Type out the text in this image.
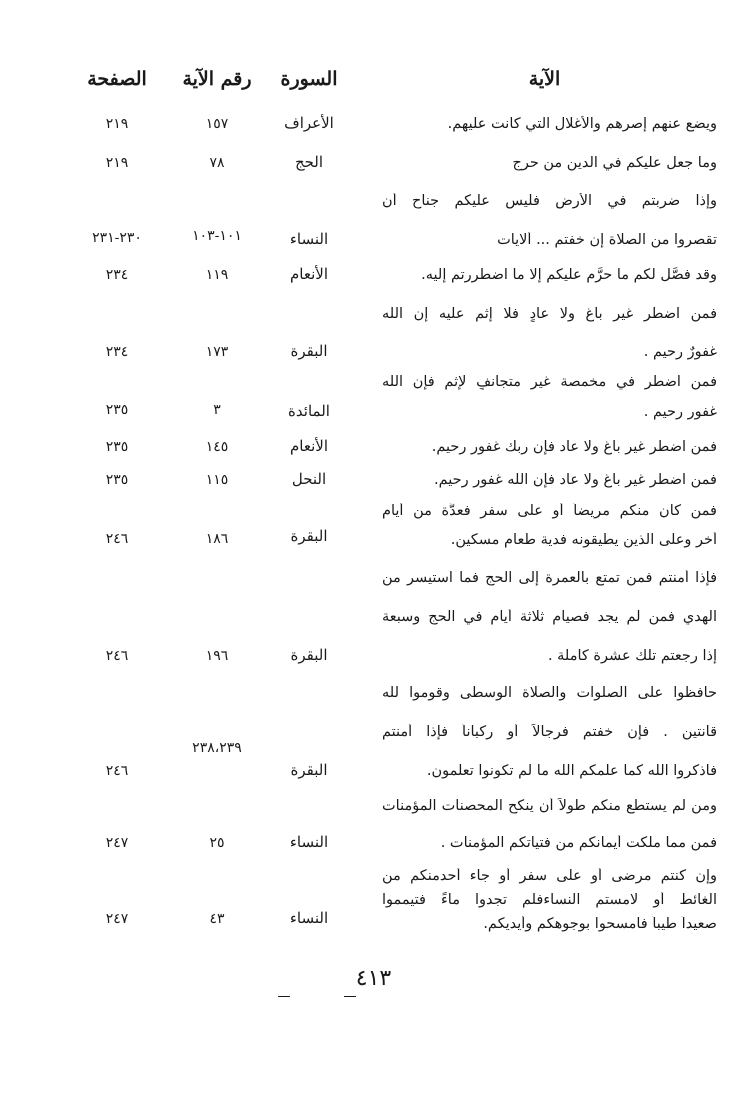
الآية
السورة
رقم الآية
الصفحة
ويضع عنهم إصرهم والأغلال التي كانت عليهم.
الأعراف
١٥٧
٢١٩
وما جعل عليكم في الدين من حرج
الحج
٧٨
٢١٩
وإذا ضربتم في الأرض فليس عليكم جناح أن
تقصروا من الصلاة إن خفتم ... ألايات
النساء
١٠١-١٠٣
٢٣٠-٢٣١
وقد فصَّل لكم ما حرَّم عليكم إلا ما اضطررتم إليه.
الأنعام
١١٩
٢٣٤
فمن اضطر غير باغٍ ولا عادٍ فلا إثم عليه إن الله
غفورٌ رحيم .
البقرة
١٧٣
٢٣٤
فمن اضطر في مخمصة غير متجانفٍ لإثم فإن الله
غفور رحيم .
المائدة
٣
٢٣٥
فمن اضطر غير باغ ولا عاد فإن ربك غفور رحيم.
الأنعام
١٤٥
٢٣٥
فمن اضطر غير باغ ولا عاد فإن الله غفور رحيم.
النحل
١١٥
٢٣٥
فمن كان منكم مريضاً أو على سفر فعدَّة من أيام
أُخر وعلى الذين يطيقونه فدية طعام مسكين.
البقرة
١٨٦
٢٤٦
فإذا أمنتم فمن تمتع بالعمرة إلى الحج فما استيسر من
الهدي فمن لم يجد فصيام ثلاثة أيام في الحج وسبعة
إذا رجعتم تلك عشرة كاملة .
البقرة
١٩٦
٢٤٦
حافظوا على الصلوات والصلاة الوسطى وقوموا لله
قانتين . فإن خفتم فرجالاً أو ركباناً فإذا أمنتم
فاذكروا الله كما علمكم الله ما لم تكونوا تعلمون.
البقرة
٢٣٨،٢٣٩
٢٤٦
ومن لم يستطع منكم طولاً أن ينكح المحصنات المؤمنات
فمن مما ملكت أيمانكم من فتياتكم المؤمنات .
النساء
٢٥
٢٤٧
وإن كنتم مرضى أو على سفر أو جاء أحدمنكم من
الغائط أو لامستم النساءفلم تجدوا ماءً فتيمموا
صعيداً طيباً فامسحوا بوجوهكم وأيديكم.
النساء
٤٣
٢٤٧
٤١٣
